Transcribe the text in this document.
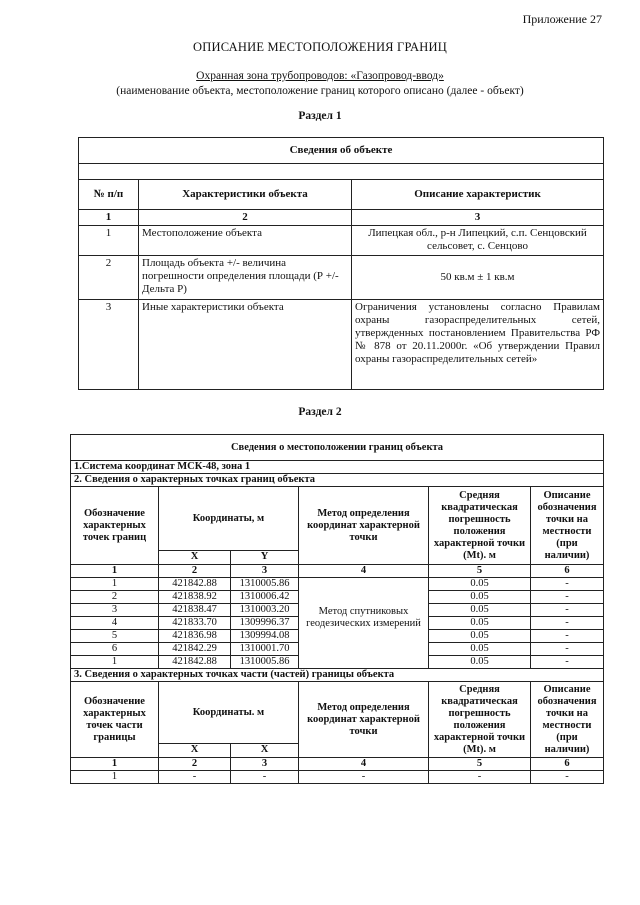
Приложение 27
ОПИСАНИЕ МЕСТОПОЛОЖЕНИЯ ГРАНИЦ
Охранная зона трубопроводов: «Газопровод-ввод»
(наименование объекта, местоположение границ которого описано (далее - объект)
Раздел 1
Сведения об объекте		

№ п/п	Характеристики объекта	Описание характеристик
1	2	3
1	Местоположение объекта	Липецкая обл., р-н Липецкий, с.п. Сенцовский сельсовет, с. Сенцово
2	Площадь объекта +/- величина погрешности определения площади (Р +/- Дельта Р)	50 кв.м ± 1 кв.м
3	Иные характеристики объекта	Ограничения установлены согласно Правилам охраны газораспределительных сетей, утвержденных постановлением Правительства РФ № 878 от 20.11.2000г. «Об утверждении Правил охраны газораспределительных сетей»
Раздел 2
Сведения о местоположении границ объекта					
1.Система координат МСК-48, зона 1					
2. Сведения о характерных точках границ объекта					
Обозначение характерных точек границ	Координаты, м		Метод определения координат характерной точки	Средняя квадратическая погрешность положения характерной точки (Mt). м	Описание обозначения точки на местности (при наличии)
	X	Y			
1	2	3	4	5	6
1	421842.88	1310005.86	Метод спутниковых геодезических измерений	0.05	-
2	421838.92	1310006.42		0.05	-
3	421838.47	1310003.20		0.05	-
4	421833.70	1309996.37		0.05	-
5	421836.98	1309994.08		0.05	-
6	421842.29	1310001.70		0.05	-
1	421842.88	1310005.86		0.05	-
3. Сведения о характерных точках части (частей) границы объекта					
Обозначение характерных точек части границы	Координаты. м		Метод определения координат характерной точки	Средняя квадратическая погрешность положения характерной точки (Mt). м	Описание обозначения точки на местности (при наличии)
	X	X			
1	2	3	4	5	6
1	-	-	-	-	-
